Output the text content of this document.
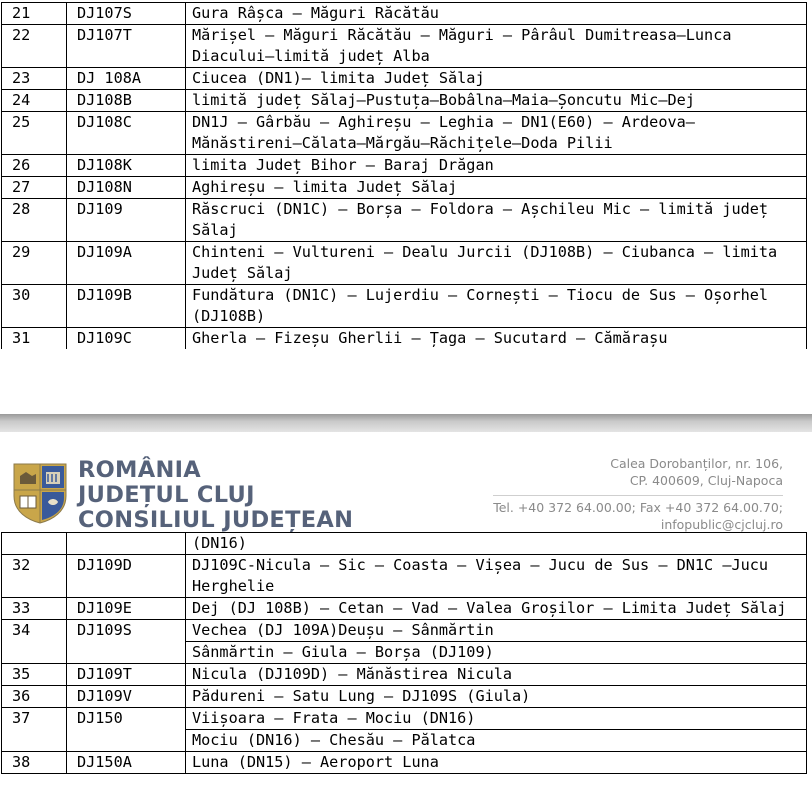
21	DJ107S	Gura Râșca – Măguri Răcătău
22	DJ107T	Mărișel – Măguri Răcătău – Măguri – Pârâul Dumitreasa–Lunca Diacului–limită județ Alba
23	DJ 108A	Ciucea (DN1)– limita Județ Sălaj
24	DJ108B	limită județ Sălaj–Pustuța–Bobâlna–Maia–Șoncutu Mic–Dej
25	DJ108C	DN1J – Gârbău – Aghireșu – Leghia – DN1(E60) – Ardeova–Mănăstireni–Călata–Mărgău–Răchițele–Doda Pilii
26	DJ108K	limita Județ Bihor – Baraj Drăgan
27	DJ108N	Aghireșu – limita Județ Sălaj
28	DJ109	Răscruci (DN1C) – Borșa – Foldora – Așchileu Mic – limită județ Sălaj
29	DJ109A	Chinteni – Vultureni – Dealu Jurcii (DJ108B) – Ciubanca – limita Județ Sălaj
30	DJ109B	Fundătura (DN1C) – Lujerdiu – Cornești – Tiocu de Sus – Oșorhel (DJ108B)
31	DJ109C	Gherla – Fizeșu Gherlii – Țaga – Sucutard – Cămărașu
ROMÂNIA
JUDEȚUL CLUJ
CONSILIUL JUDEȚEAN
Calea Dorobanților, nr. 106,
CP. 400609, Cluj-Napoca
Tel. +40 372 64.00.00; Fax +40 372 64.00.70;
infopublic@cjcluj.ro
		(DN16)
32	DJ109D	DJ109C-Nicula – Sic – Coasta – Vișea – Jucu de Sus – DN1C –Jucu Herghelie
33	DJ109E	Dej (DJ 108B) – Cetan – Vad – Valea Groșilor – Limita Județ Sălaj
34	DJ109S	Vechea (DJ 109A)Deușu – Sânmărtin
		Sânmărtin – Giula – Borșa (DJ109)
35	DJ109T	Nicula (DJ109D) – Mănăstirea Nicula
36	DJ109V	Pădureni – Satu Lung – DJ109S (Giula)
37	DJ150	Viișoara – Frata – Mociu (DN16)
		Mociu (DN16) – Chesău – Pălatca
38	DJ150A	Luna (DN15) – Aeroport Luna
